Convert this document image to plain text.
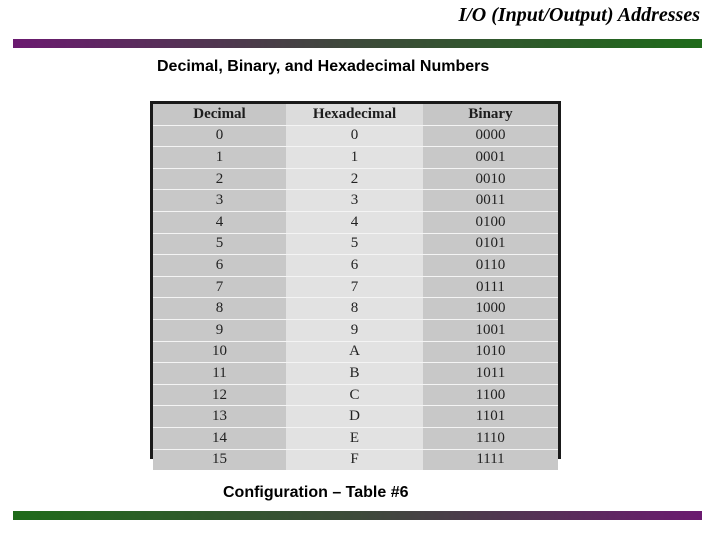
I/O (Input/Output) Addresses
Decimal, Binary, and Hexadecimal Numbers
Decimal	Hexadecimal	Binary
0	0	0000
1	1	0001
2	2	0010
3	3	0011
4	4	0100
5	5	0101
6	6	0110
7	7	0111
8	8	1000
9	9	1001
10	A	1010
11	B	1011
12	C	1100
13	D	1101
14	E	1110
15	F	1111
Configuration – Table #6
